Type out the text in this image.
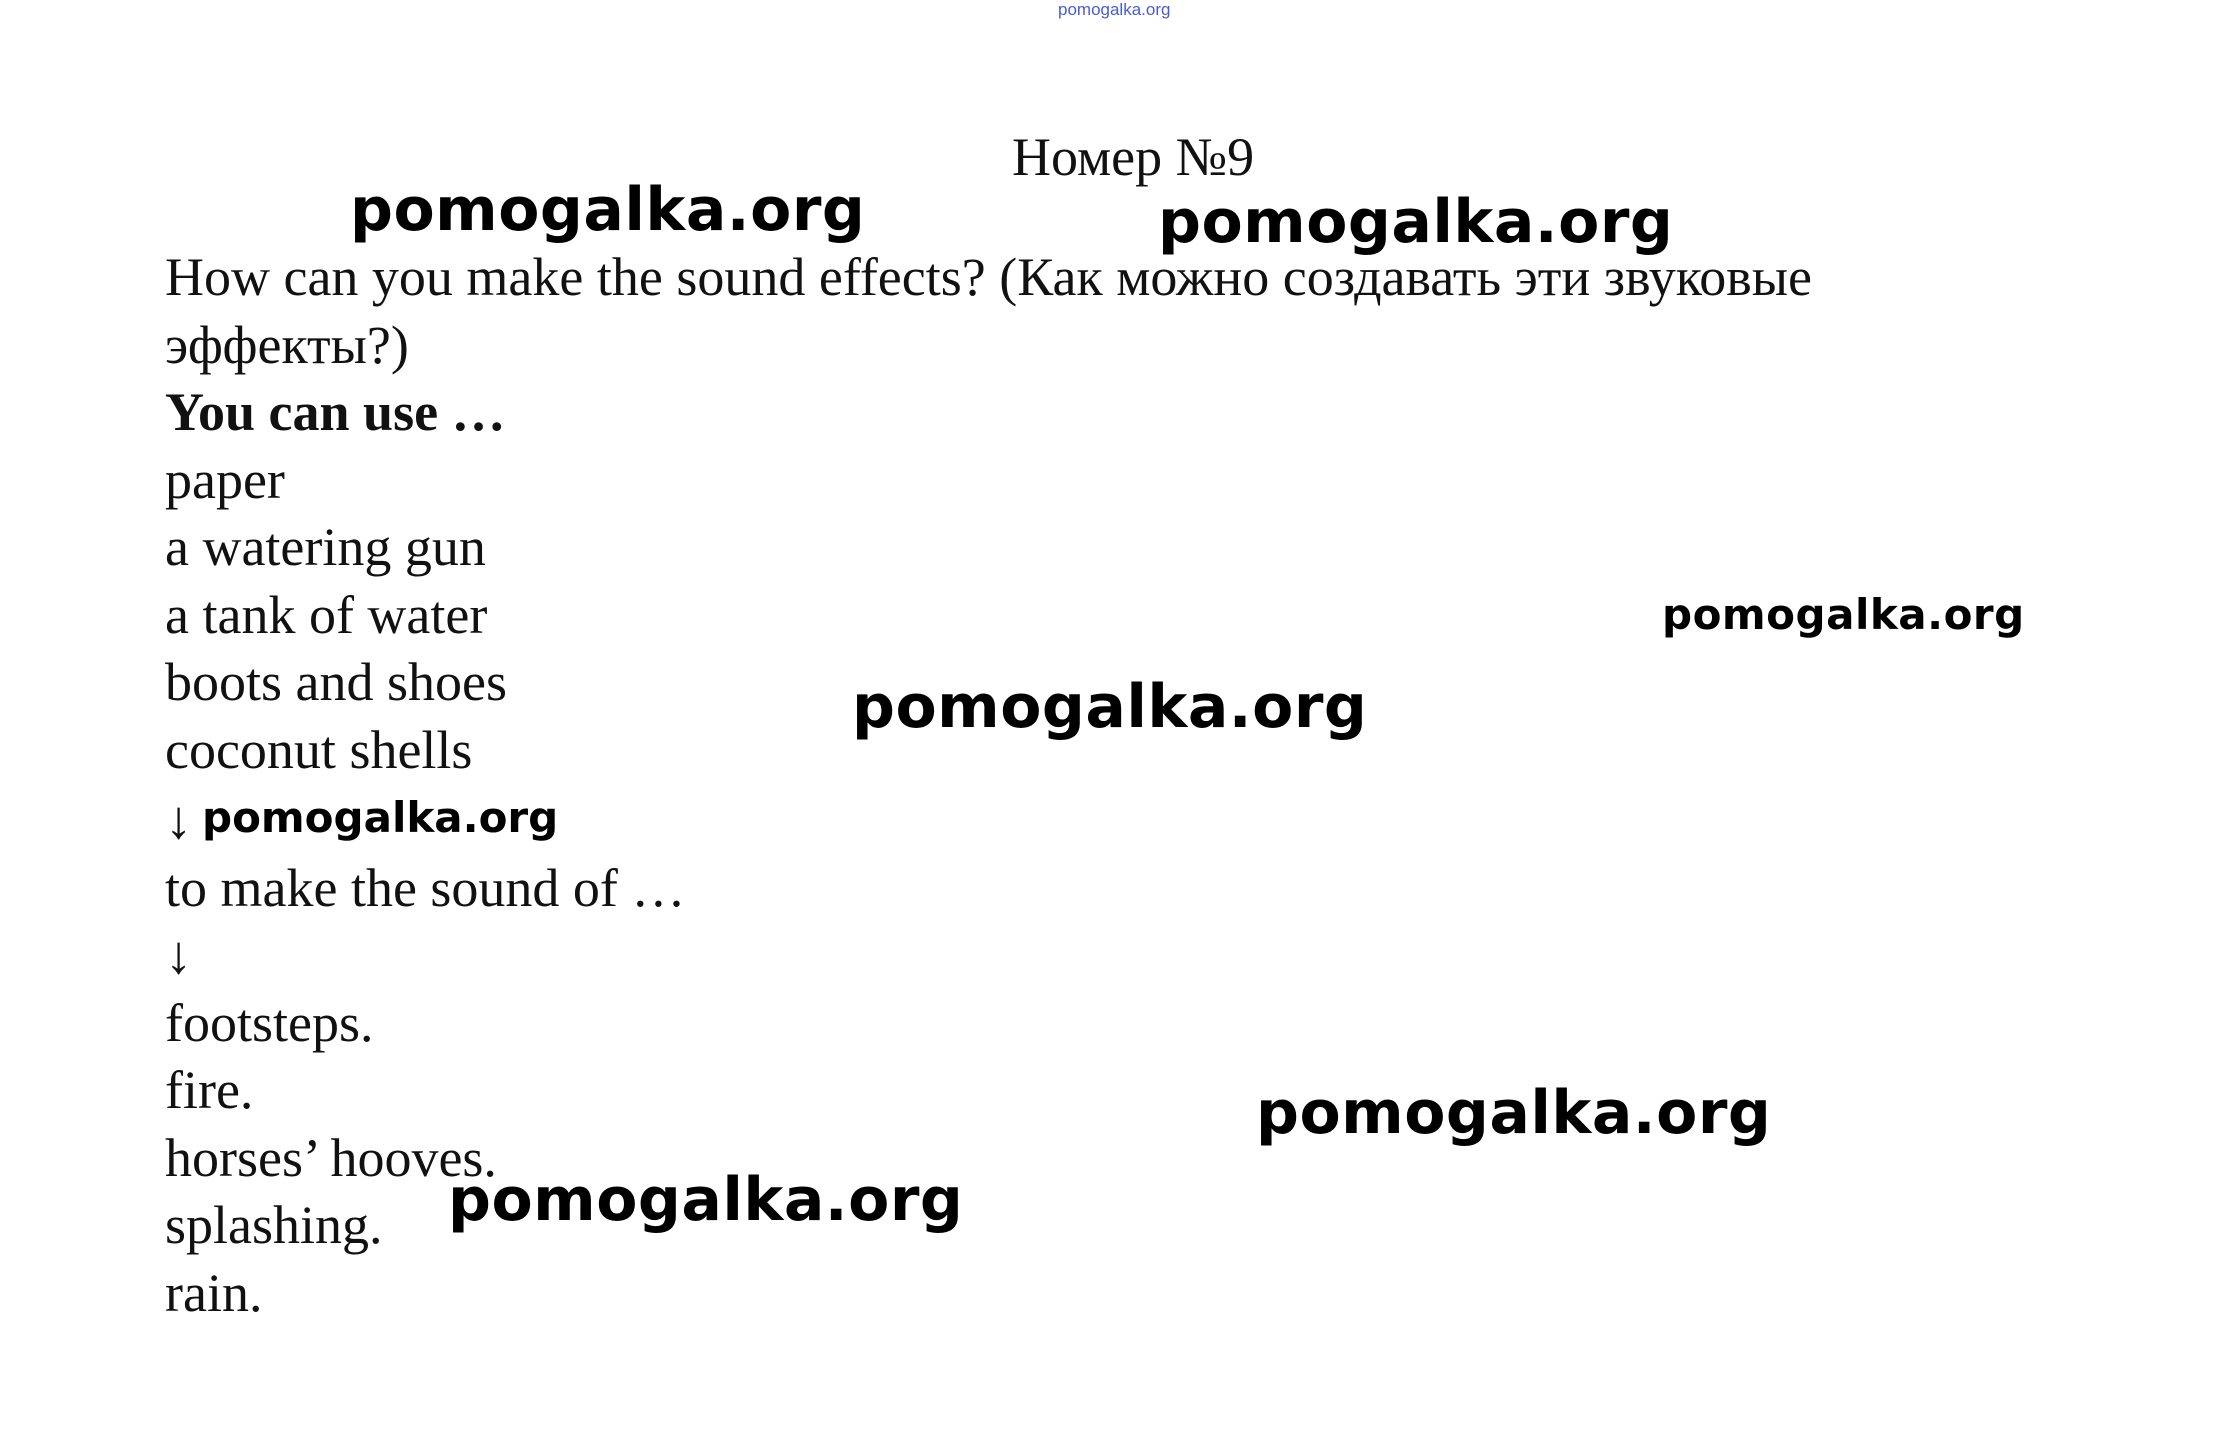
pomogalka.org
Номер №9
How can you make the sound effects? (Как можно создавать эти звуковые
эффекты?)
You can use …
paper
a watering gun
a tank of water
boots and shoes
coconut shells
↓ pomogalka.org
to make the sound of …
↓
footsteps.
fire.
horses’ hooves.
splashing.
rain.
pomogalka.org	pomogalka.org
pomogalka.org
pomogalka.org
pomogalka.org
pomogalka.org
